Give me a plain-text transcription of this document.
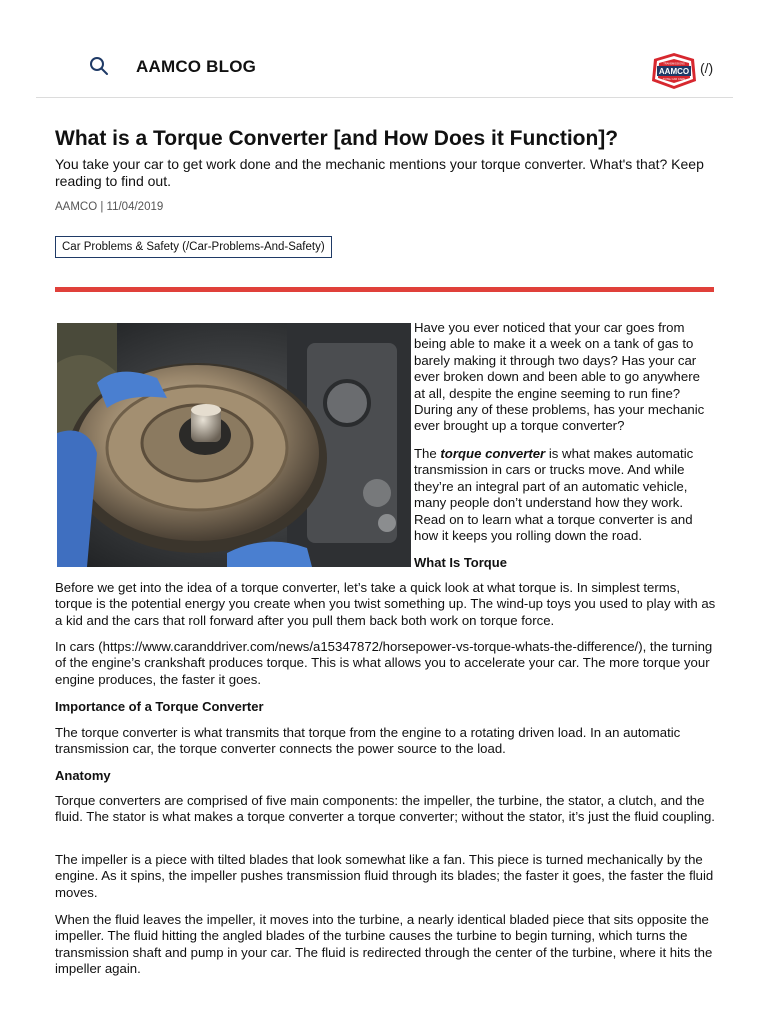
AAMCO BLOG	AAMCO
TRANSMISSIONS
TOTAL CAR CARE
(/)
What is a Torque Converter [and How Does it Function]?

You take your car to get work done and the mechanic mentions your torque converter. What's that? Keep reading to find out.

AAMCO | 11/04/2019
Car Problems & Safety (/Car-Problems-And-Safety)

Have you ever noticed that your car goes from being able to make it a week on a tank of gas to barely making it through two days? Has your car ever broken down and been able to go anywhere at all, despite the engine seeming to run fine? During any of these problems, has your mechanic ever brought up a torque converter?

The torque converter is what makes automatic transmission in cars or trucks move. And while they’re an integral part of an automatic vehicle, many people don’t understand how they work. Read on to learn what a torque converter is and how it keeps you rolling down the road.

What Is Torque

Before we get into the idea of a torque converter, let’s take a quick look at what torque is. In simplest terms, torque is the potential energy you create when you twist something up. The wind-up toys you used to play with as a kid and the cars that roll forward after you pull them back both work on torque force.

In cars (https://www.caranddriver.com/news/a15347872/horsepower-vs-torque-whats-the-difference/), the turning of the engine’s crankshaft produces torque. This is what allows you to accelerate your car. The more torque your engine produces, the faster it goes.

Importance of a Torque Converter

The torque converter is what transmits that torque from the engine to a rotating driven load. In an automatic transmission car, the torque converter connects the power source to the load.

Anatomy

Torque converters are comprised of five main components: the impeller, the turbine, the stator, a clutch, and the fluid. The stator is what makes a torque converter a torque converter; without the stator, it’s just the fluid coupling.

The impeller is a piece with tilted blades that look somewhat like a fan. This piece is turned mechanically by the engine. As it spins, the impeller pushes transmission fluid through its blades; the faster it goes, the faster the fluid moves.

When the fluid leaves the impeller, it moves into the turbine, a nearly identical bladed piece that sits opposite the impeller. The fluid hitting the angled blades of the turbine causes the turbine to begin turning, which turns the transmission shaft and pump in your car. The fluid is redirected through the center of the turbine, where it hits the impeller again.
